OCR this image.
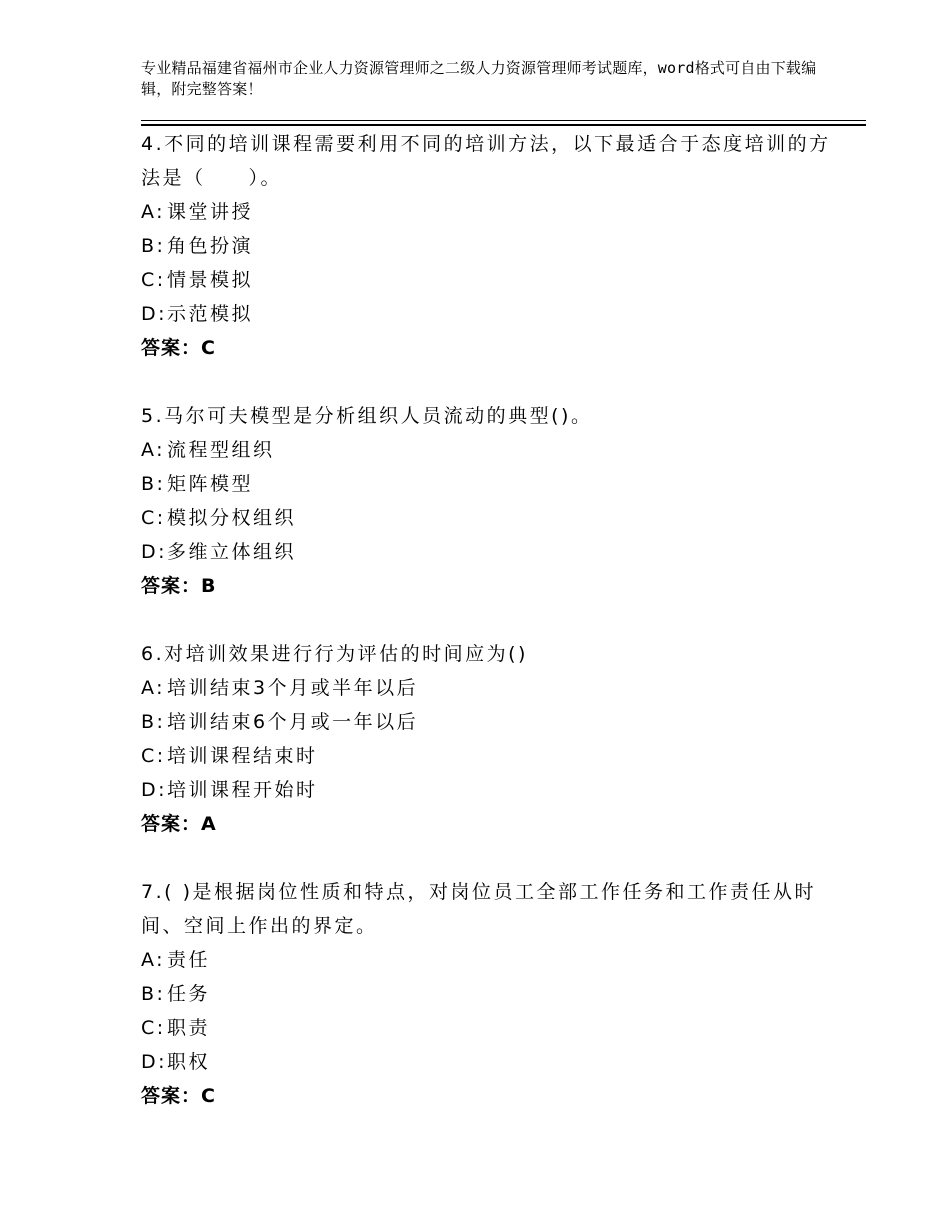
专业精品福建省福州市企业人力资源管理师之二级人力资源管理师考试题库，word格式可自由下载编辑，附完整答案！

4.不同的培训课程需要利用不同的培训方法，以下最适合于态度培训的方法是（　　）。

A: 课堂讲授

B:角色扮演

C:情景模拟

D:示范模拟

答案：C

5.马尔可夫模型是分析组织人员流动的典型()。

A: 流程型组织

B:矩阵模型

C:模拟分权组织

D:多维立体组织

答案：B

6.对培训效果进行行为评估的时间应为()

A: 培训结束3个月或半年以后

B:培训结束6个月或一年以后

C:培训课程结束时

D:培训课程开始时

答案：A

7.( )是根据岗位性质和特点，对岗位员工全部工作任务和工作责任从时间、空间上作出的界定。

A: 责任

B:任务

C:职责

D:职权

答案：C
